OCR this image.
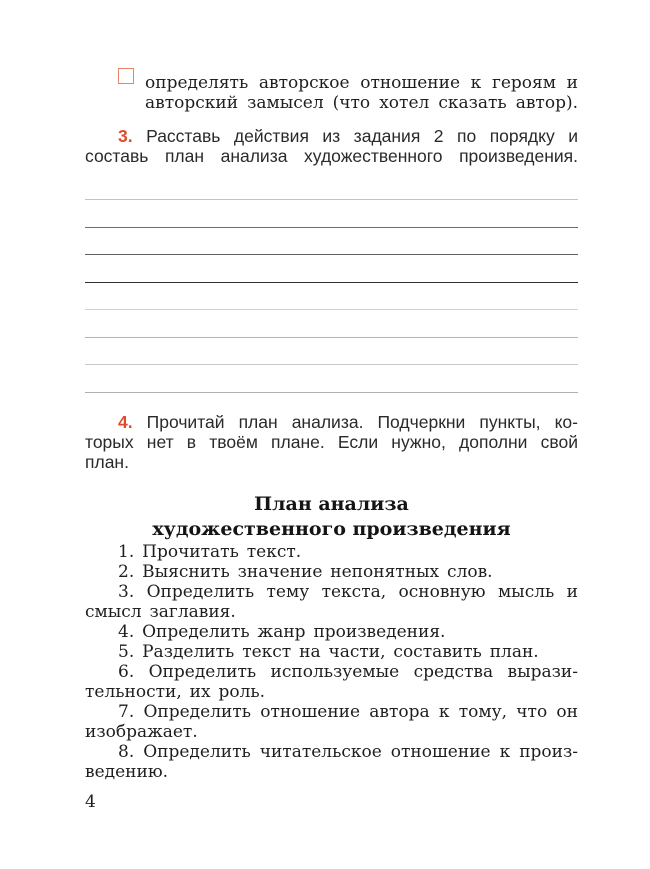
определять авторское отношение к героям и
авторский замысел (что хотел сказать автор).
3. Расставь действия из задания 2 по порядку и
составь план анализа художественного произведения.
4. Прочитай план анализа. Подчеркни пункты, ко-
торых нет в твоём плане. Если нужно, дополни свой
план.
План анализа
художественного произведения
1. Прочитать текст.
2. Выяснить значение непонятных слов.
3. Определить тему текста, основную мысль и
смысл заглавия.
4. Определить жанр произведения.
5. Разделить текст на части, составить план.
6. Определить используемые средства вырази-
тельности, их роль.
7. Определить отношение автора к тому, что он
изображает.
8. Определить читательское отношение к произ-
ведению.
4
